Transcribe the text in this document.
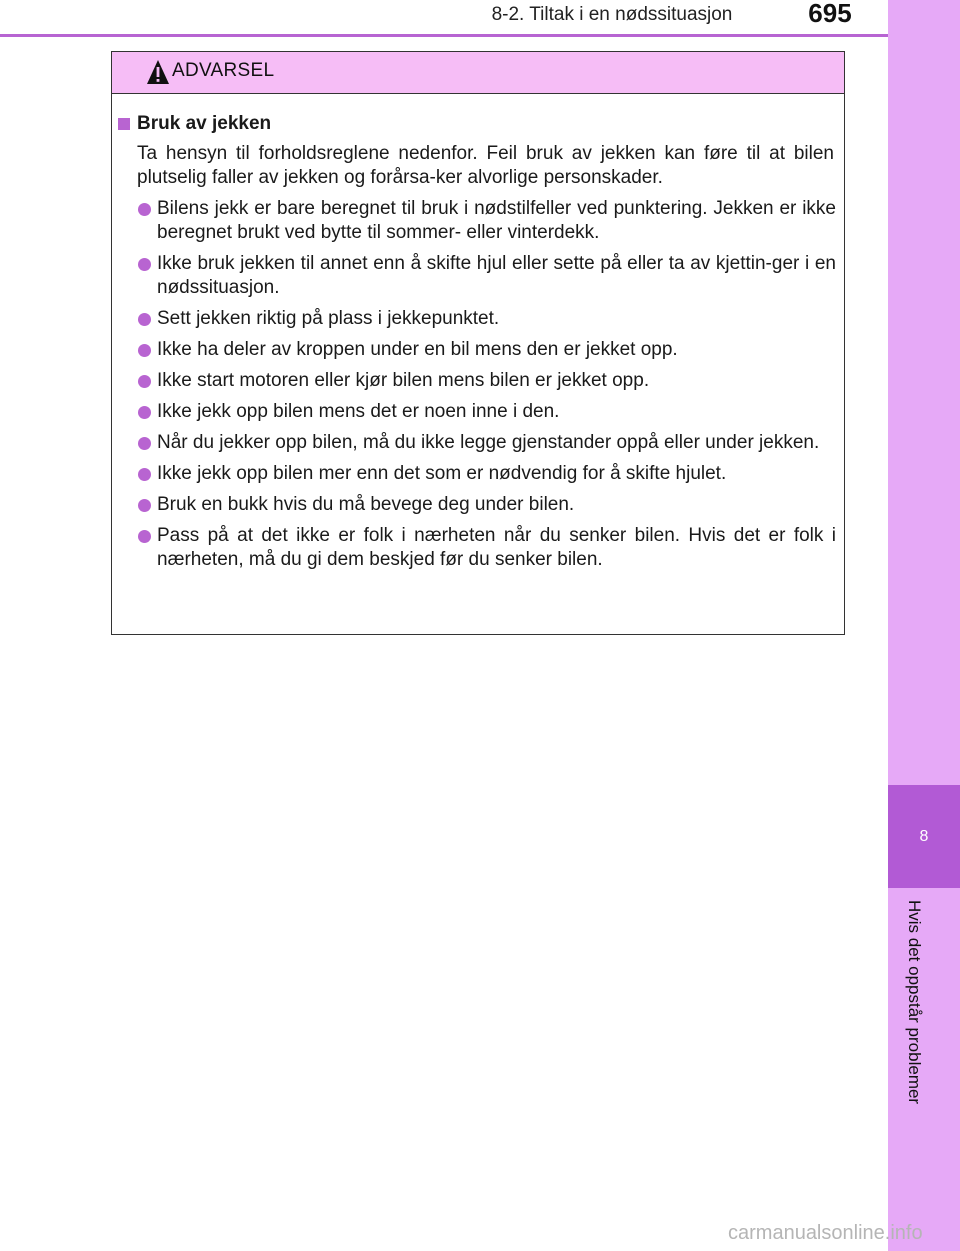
8-2. Tiltak i en nødssituasjon	695
8
Hvis det oppstår problemer
ADVARSEL
Bruk av jekken
Ta hensyn til forholdsreglene nedenfor. Feil bruk av jekken kan føre til at bilen plutselig faller av jekken og forårsa-ker alvorlige personskader.
Bilens jekk er bare beregnet til bruk i nødstilfeller ved punktering. Jekken er ikke beregnet brukt ved bytte til sommer- eller vinterdekk.
Ikke bruk jekken til annet enn å skifte hjul eller sette på eller ta av kjettin-ger i en nødssituasjon.
Sett jekken riktig på plass i jekkepunktet.
Ikke ha deler av kroppen under en bil mens den er jekket opp.
Ikke start motoren eller kjør bilen mens bilen er jekket opp.
Ikke jekk opp bilen mens det er noen inne i den.
Når du jekker opp bilen, må du ikke legge gjenstander oppå eller under jekken.
Ikke jekk opp bilen mer enn det som er nødvendig for å skifte hjulet.
Bruk en bukk hvis du må bevege deg under bilen.
Pass på at det ikke er folk i nærheten når du senker bilen. Hvis det er folk i nærheten, må du gi dem beskjed før du senker bilen.
carmanualsonline.info
